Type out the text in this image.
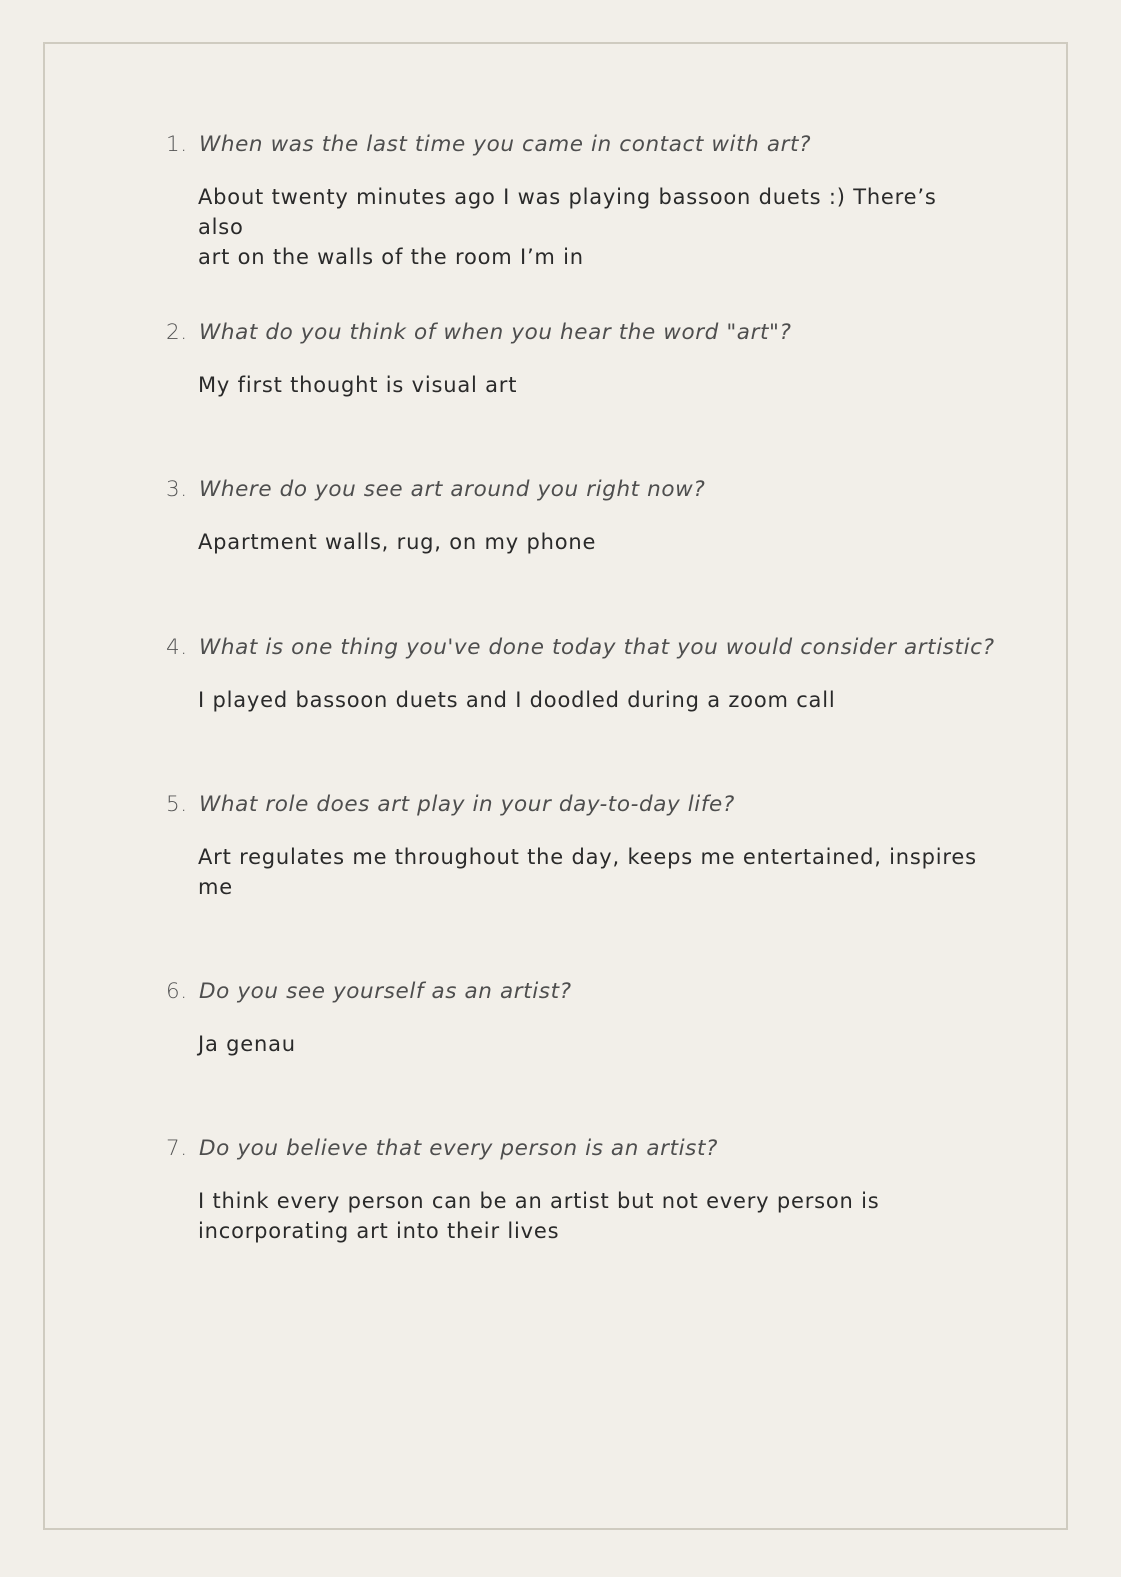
1. When was the last time you came in contact with art?
About twenty minutes ago I was playing bassoon duets :) There’s also
art on the walls of the room I’m in
2. What do you think of when you hear the word "art"?
My first thought is visual art
3. Where do you see art around you right now?
Apartment walls, rug, on my phone
4. What is one thing you've done today that you would consider artistic?
I played bassoon duets and I doodled during a zoom call
5. What role does art play in your day-to-day life?
Art regulates me throughout the day, keeps me entertained, inspires
me
6. Do you see yourself as an artist?
Ja genau
7. Do you believe that every person is an artist?
I think every person can be an artist but not every person is
incorporating art into their lives
